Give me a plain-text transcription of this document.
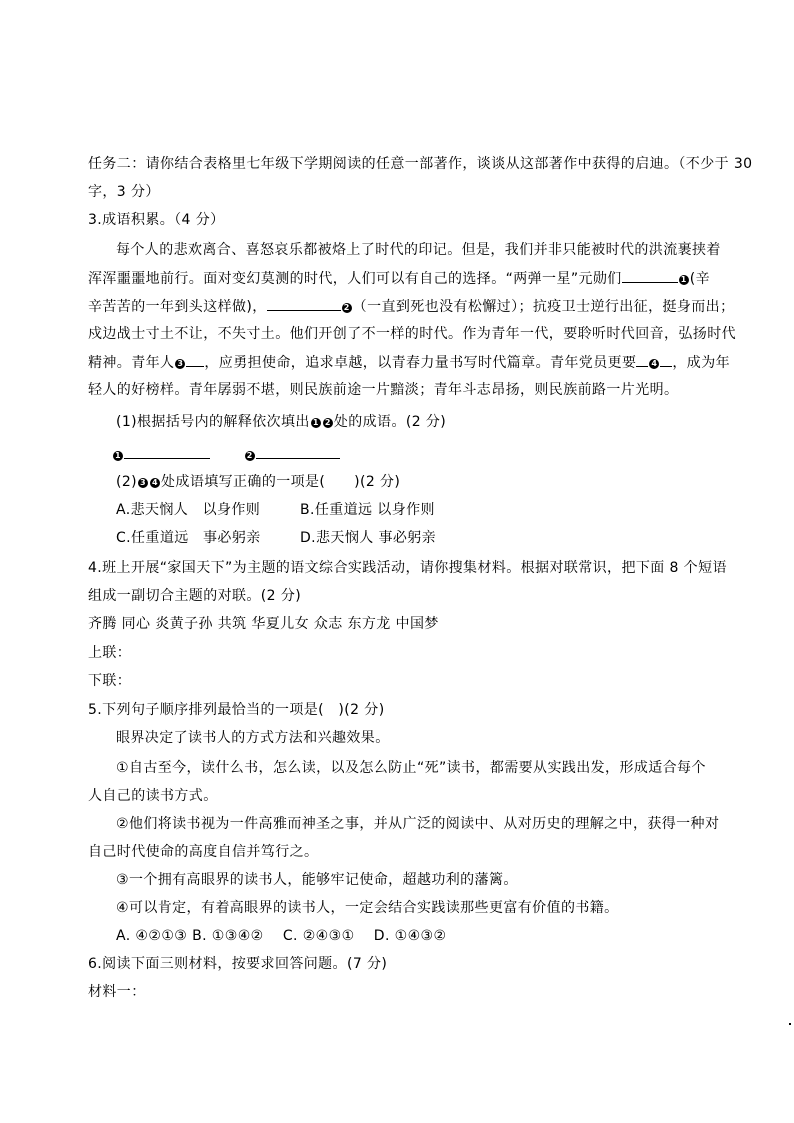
任务二：请你结合表格里七年级下学期阅读的任意一部著作，谈谈从这部著作中获得的启迪。（不少于 30
字，3 分）
3.成语积累。（4 分）
每个人的悲欢离合、喜怒哀乐都被烙上了时代的印记。但是，我们并非只能被时代的洪流裹挟着
浑浑噩噩地前行。面对变幻莫测的时代，人们可以有自己的选择。“两弹一星”元勋们	1 (辛
辛苦苦的一年到头这样做)，	2 （一直到死也没有松懈过）；抗疫卫士逆行出征，挺身而出；
戍边战士寸土不让，不失寸土。他们开创了不一样的时代。作为青年一代，要聆听时代回音，弘扬时代
精神。青年人 3 ，应勇担使命，追求卓越，以青春力量书写时代篇章。青年党员更要 4 ，成为年
轻人的好榜样。青年孱弱不堪，则民族前途一片黯淡；青年斗志昂扬，则民族前路一片光明。
(1)根据括号内的解释依次填出 1 2 处的成语。(2 分)
1	2
(2) 3 4 处成语填写正确的一项是(　　)(2 分)
A.悲天悯人　以身作则	B.任重道远 以身作则
C.任重道远　事必躬亲	D.悲天悯人 事必躬亲
4.班上开展“家国天下”为主题的语文综合实践活动，请你搜集材料。根据对联常识，把下面 8 个短语
组成一副切合主题的对联。(2 分)
齐腾 同心 炎黄子孙 共筑 华夏儿女 众志 东方龙 中国梦
上联：
下联：
5.下列句子顺序排列最恰当的一项是(　)(2 分)
眼界决定了读书人的方式方法和兴趣效果。
①自古至今，读什么书，怎么读，以及怎么防止“死”读书，都需要从实践出发，形成适合每个
人自己的读书方式。
②他们将读书视为一件高雅而神圣之事，并从广泛的阅读中、从对历史的理解之中，获得一种对
自己时代使命的高度自信并笃行之。
③一个拥有高眼界的读书人，能够牢记使命，超越功利的藩篱。
④可以肯定，有着高眼界的读书人，一定会结合实践读那些更富有价值的书籍。
A. ④②①③ B. ①③④②　 C. ②④③①　 D. ①④③②
6.阅读下面三则材料，按要求回答问题。(7 分)
材料一：
